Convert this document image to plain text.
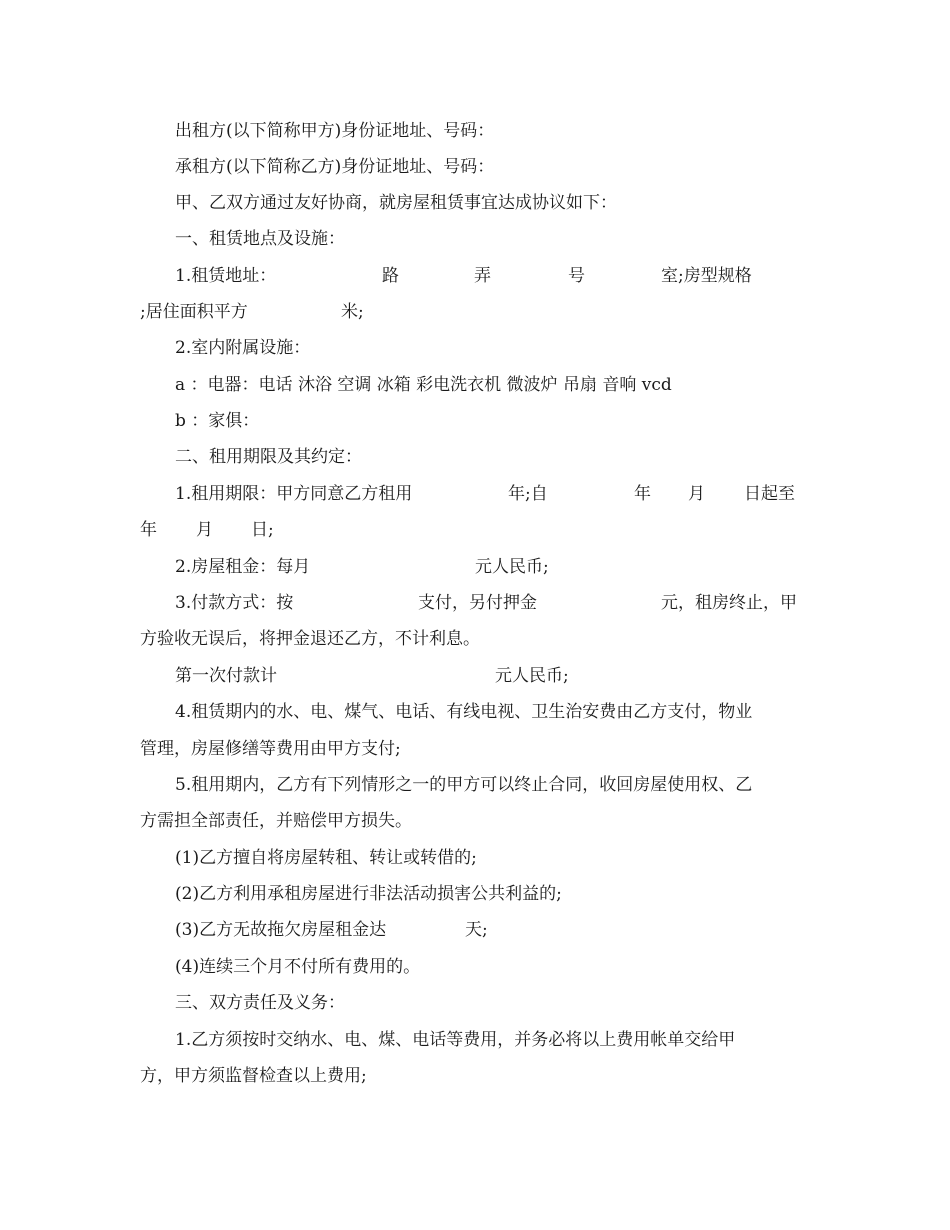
出租方(以下简称甲方)身份证地址、号码：
承租方(以下简称乙方)身份证地址、号码：
甲、乙双方通过友好协商，就房屋租赁事宜达成协议如下：
一、租赁地点及设施：
1.租赁地址：	路	弄	号	室;房型规格
;居住面积平方	米;
2.室内附属设施：
a ：电器：电话 沐浴 空调 冰箱 彩电洗衣机 微波炉 吊扇 音响 vcd
b ：家俱：
二、租用期限及其约定：
1.租用期限：甲方同意乙方租用	年;自	年 月 日起至
年 月 日;
2.房屋租金：每月	元人民币;
3.付款方式：按	支付，另付押金	元，租房终止，甲
方验收无误后，将押金退还乙方，不计利息。
第一次付款计	元人民币;
4.租赁期内的水、电、煤气、电话、有线电视、卫生治安费由乙方支付，物业
管理，房屋修缮等费用由甲方支付;
5.租用期内，乙方有下列情形之一的甲方可以终止合同，收回房屋使用权、乙
方需担全部责任，并赔偿甲方损失。
(1)乙方擅自将房屋转租、转让或转借的;
(2)乙方利用承租房屋进行非法活动损害公共利益的;
(3)乙方无故拖欠房屋租金达	天;
(4)连续三个月不付所有费用的。
三、双方责任及义务：
1.乙方须按时交纳水、电、煤、电话等费用，并务必将以上费用帐单交给甲
方，甲方须监督检查以上费用;
